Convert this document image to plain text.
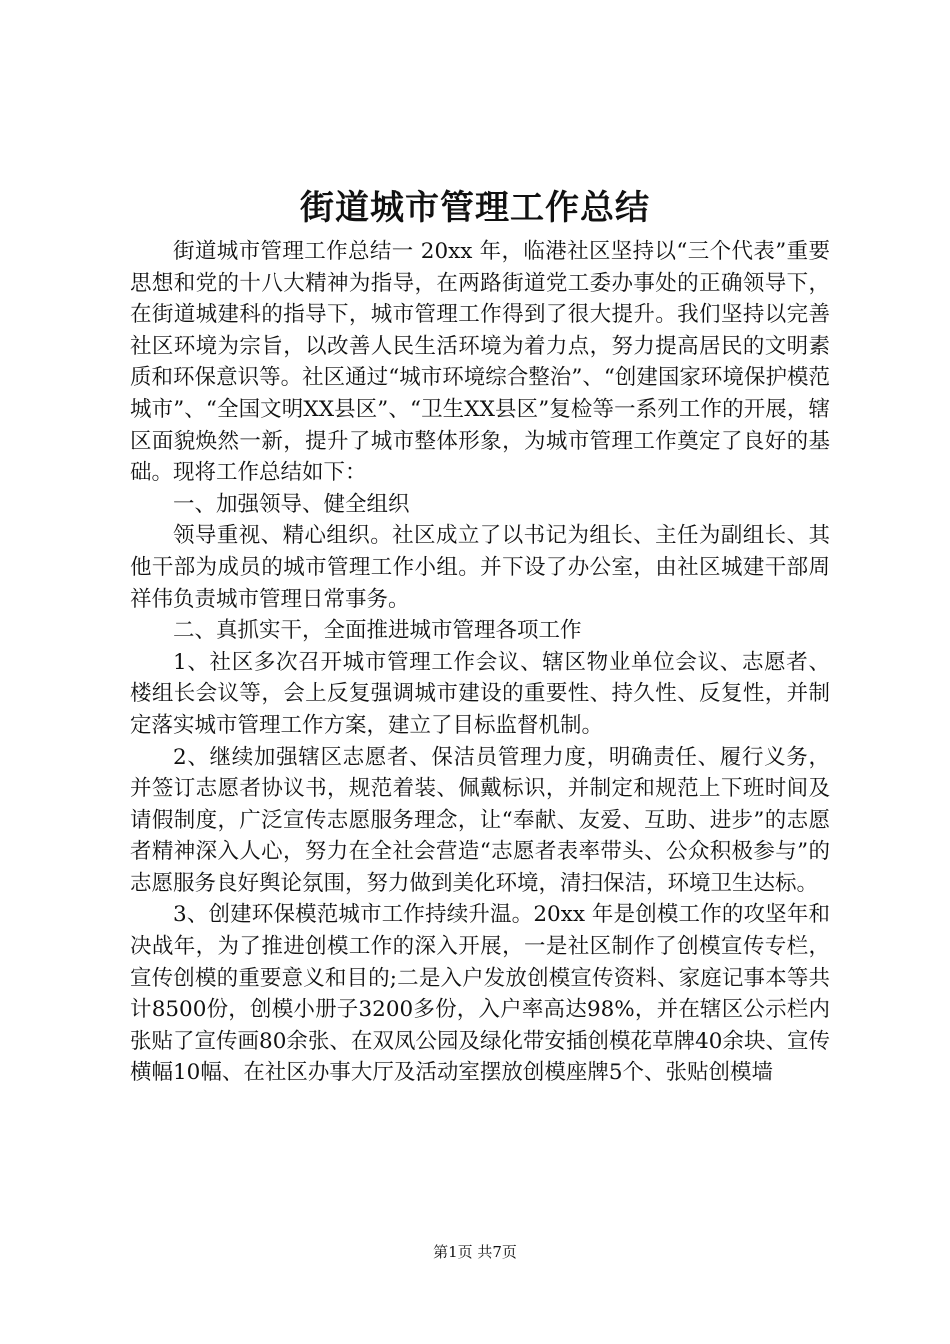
街道城市管理工作总结

街道城市管理工作总结一 20xx 年，临港社区坚持以“三个代表”重要思想和党的十八大精神为指导，在两路街道党工委办事处的正确领导下，在街道城建科的指导下，城市管理工作得到了很大提升。我们坚持以完善社区环境为宗旨，以改善人民生活环境为着力点，努力提高居民的文明素质和环保意识等。社区通过“城市环境综合整治”、“创建国家环境保护模范城市”、“全国文明XX县区”、“卫生XX县区”复检等一系列工作的开展，辖区面貌焕然一新，提升了城市整体形象，为城市管理工作奠定了良好的基础。现将工作总结如下：

一、加强领导、健全组织

领导重视、精心组织。社区成立了以书记为组长、主任为副组长、其他干部为成员的城市管理工作小组。并下设了办公室，由社区城建干部周祥伟负责城市管理日常事务。

二、真抓实干，全面推进城市管理各项工作

1、社区多次召开城市管理工作会议、辖区物业单位会议、志愿者、楼组长会议等，会上反复强调城市建设的重要性、持久性、反复性，并制定落实城市管理工作方案，建立了目标监督机制。

2、继续加强辖区志愿者、保洁员管理力度，明确责任、履行义务，并签订志愿者协议书，规范着装、佩戴标识，并制定和规范上下班时间及请假制度，广泛宣传志愿服务理念，让“奉献、友爱、互助、进步”的志愿者精神深入人心，努力在全社会营造“志愿者表率带头、公众积极参与”的志愿服务良好舆论氛围，努力做到美化环境，清扫保洁，环境卫生达标。

3、创建环保模范城市工作持续升温。20xx 年是创模工作的攻坚年和决战年，为了推进创模工作的深入开展，一是社区制作了创模宣传专栏，宣传创模的重要意义和目的;二是入户发放创模宣传资料、家庭记事本等共计8500份，创模小册子3200多份，入户率高达98%，并在辖区公示栏内张贴了宣传画80余张、在双凤公园及绿化带安插创模花草牌40余块、宣传横幅10幅、在社区办事大厅及活动室摆放创模座牌5个、张贴创模墙

第1页 共7页
